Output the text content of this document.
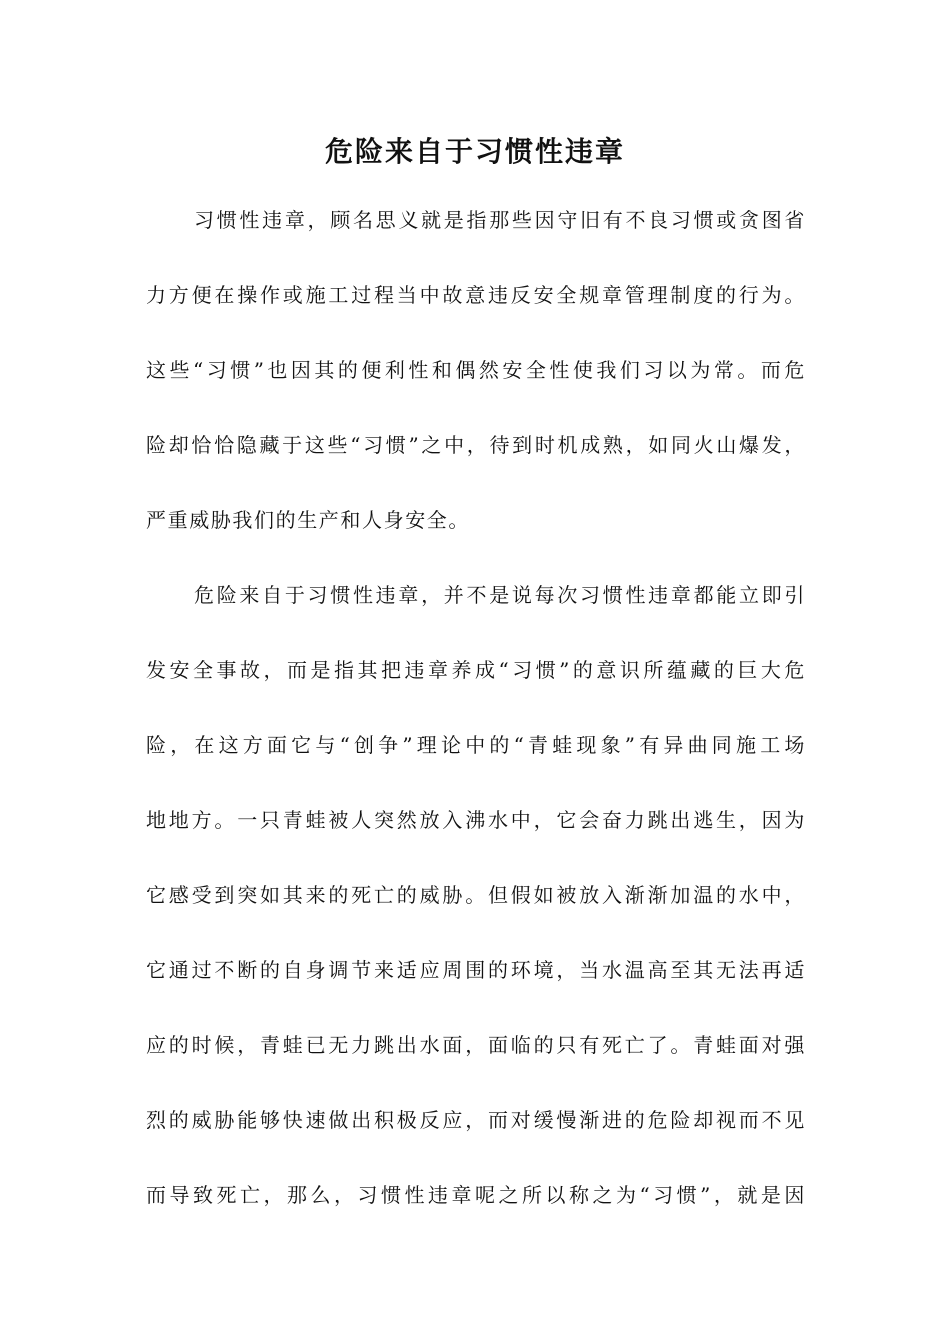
危险来自于习惯性违章
习惯性违章，顾名思义就是指那些因守旧有不良习惯或贪图省
力方便在操作或施工过程当中故意违反安全规章管理制度的行为。
这些“习惯”也因其的便利性和偶然安全性使我们习以为常。而危
险却恰恰隐藏于这些“习惯”之中，待到时机成熟，如同火山爆发，
严重威胁我们的生产和人身安全。
危险来自于习惯性违章，并不是说每次习惯性违章都能立即引
发安全事故，而是指其把违章养成“习惯”的意识所蕴藏的巨大危
险，在这方面它与“创争”理论中的“青蛙现象”有异曲同施工场
地地方。一只青蛙被人突然放入沸水中，它会奋力跳出逃生，因为
它感受到突如其来的死亡的威胁。但假如被放入渐渐加温的水中，
它通过不断的自身调节来适应周围的环境，当水温高至其无法再适
应的时候，青蛙已无力跳出水面，面临的只有死亡了。青蛙面对强
烈的威胁能够快速做出积极反应，而对缓慢渐进的危险却视而不见
而导致死亡，那么，习惯性违章呢之所以称之为“习惯”，就是因
